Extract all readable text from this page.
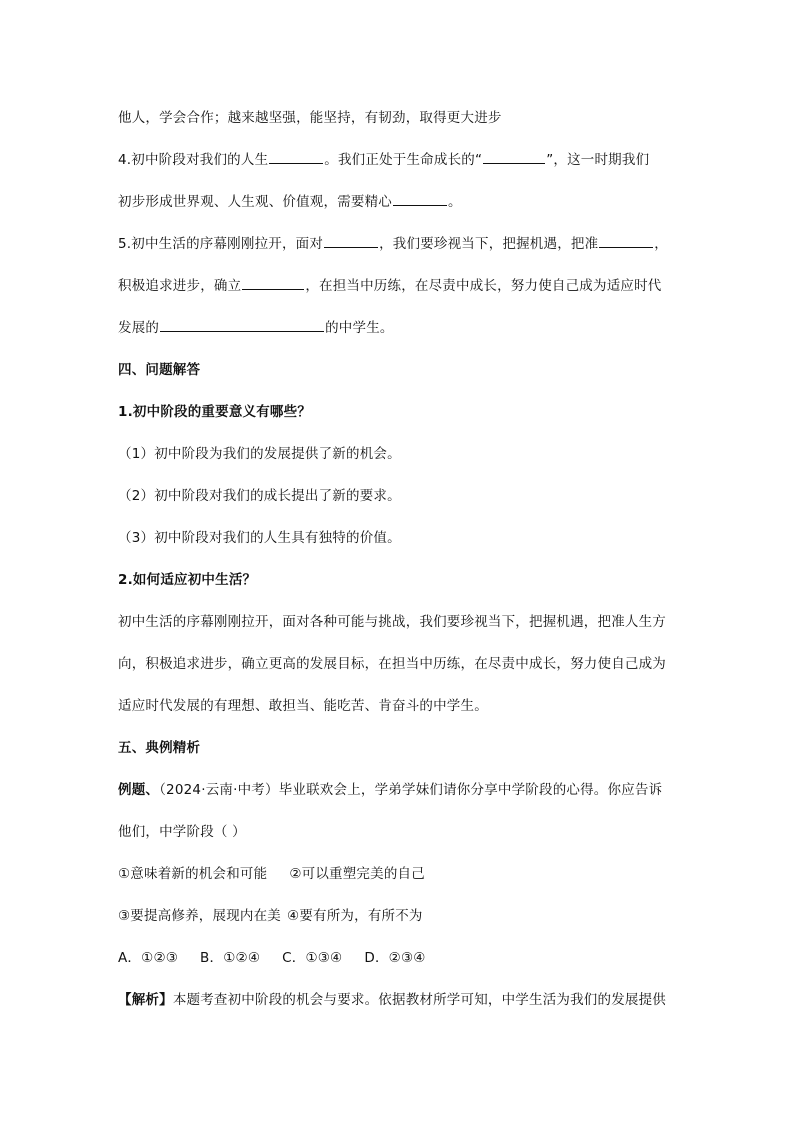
他人，学会合作；越来越坚强，能坚持，有韧劲，取得更大进步
4.初中阶段对我们的人生	。我们正处于生命成长的“	”，这一时期我们
初步形成世界观、人生观、价值观，需要精心	。
5.初中生活的序幕刚刚拉开，面对	，我们要珍视当下，把握机遇，把准	，
积极追求进步，确立	，在担当中历练，在尽责中成长，努力使自己成为适应时代
发展的	的中学生。
四、问题解答
1.初中阶段的重要意义有哪些？
（1）初中阶段为我们的发展提供了新的机会。
（2）初中阶段对我们的成长提出了新的要求。
（3）初中阶段对我们的人生具有独特的价值。
2.如何适应初中生活？
初中生活的序幕刚刚拉开，面对各种可能与挑战，我们要珍视当下，把握机遇，把准人生方
向，积极追求进步，确立更高的发展目标，在担当中历练，在尽责中成长，努力使自己成为
适应时代发展的有理想、敢担当、能吃苦、肯奋斗的中学生。
五、典例精析
例题、（2024·云南·中考）毕业联欢会上，学弟学妹们请你分享中学阶段的心得。你应告诉
他们，中学阶段（ ）
①意味着新的机会和可能 ②可以重塑完美的自己
③要提高修养，展现内在美 ④要有所为，有所不为
A．①②③ B．①②④ C．①③④ D．②③④
【解析】本题考查初中阶段的机会与要求。依据教材所学可知，中学生活为我们的发展提供
